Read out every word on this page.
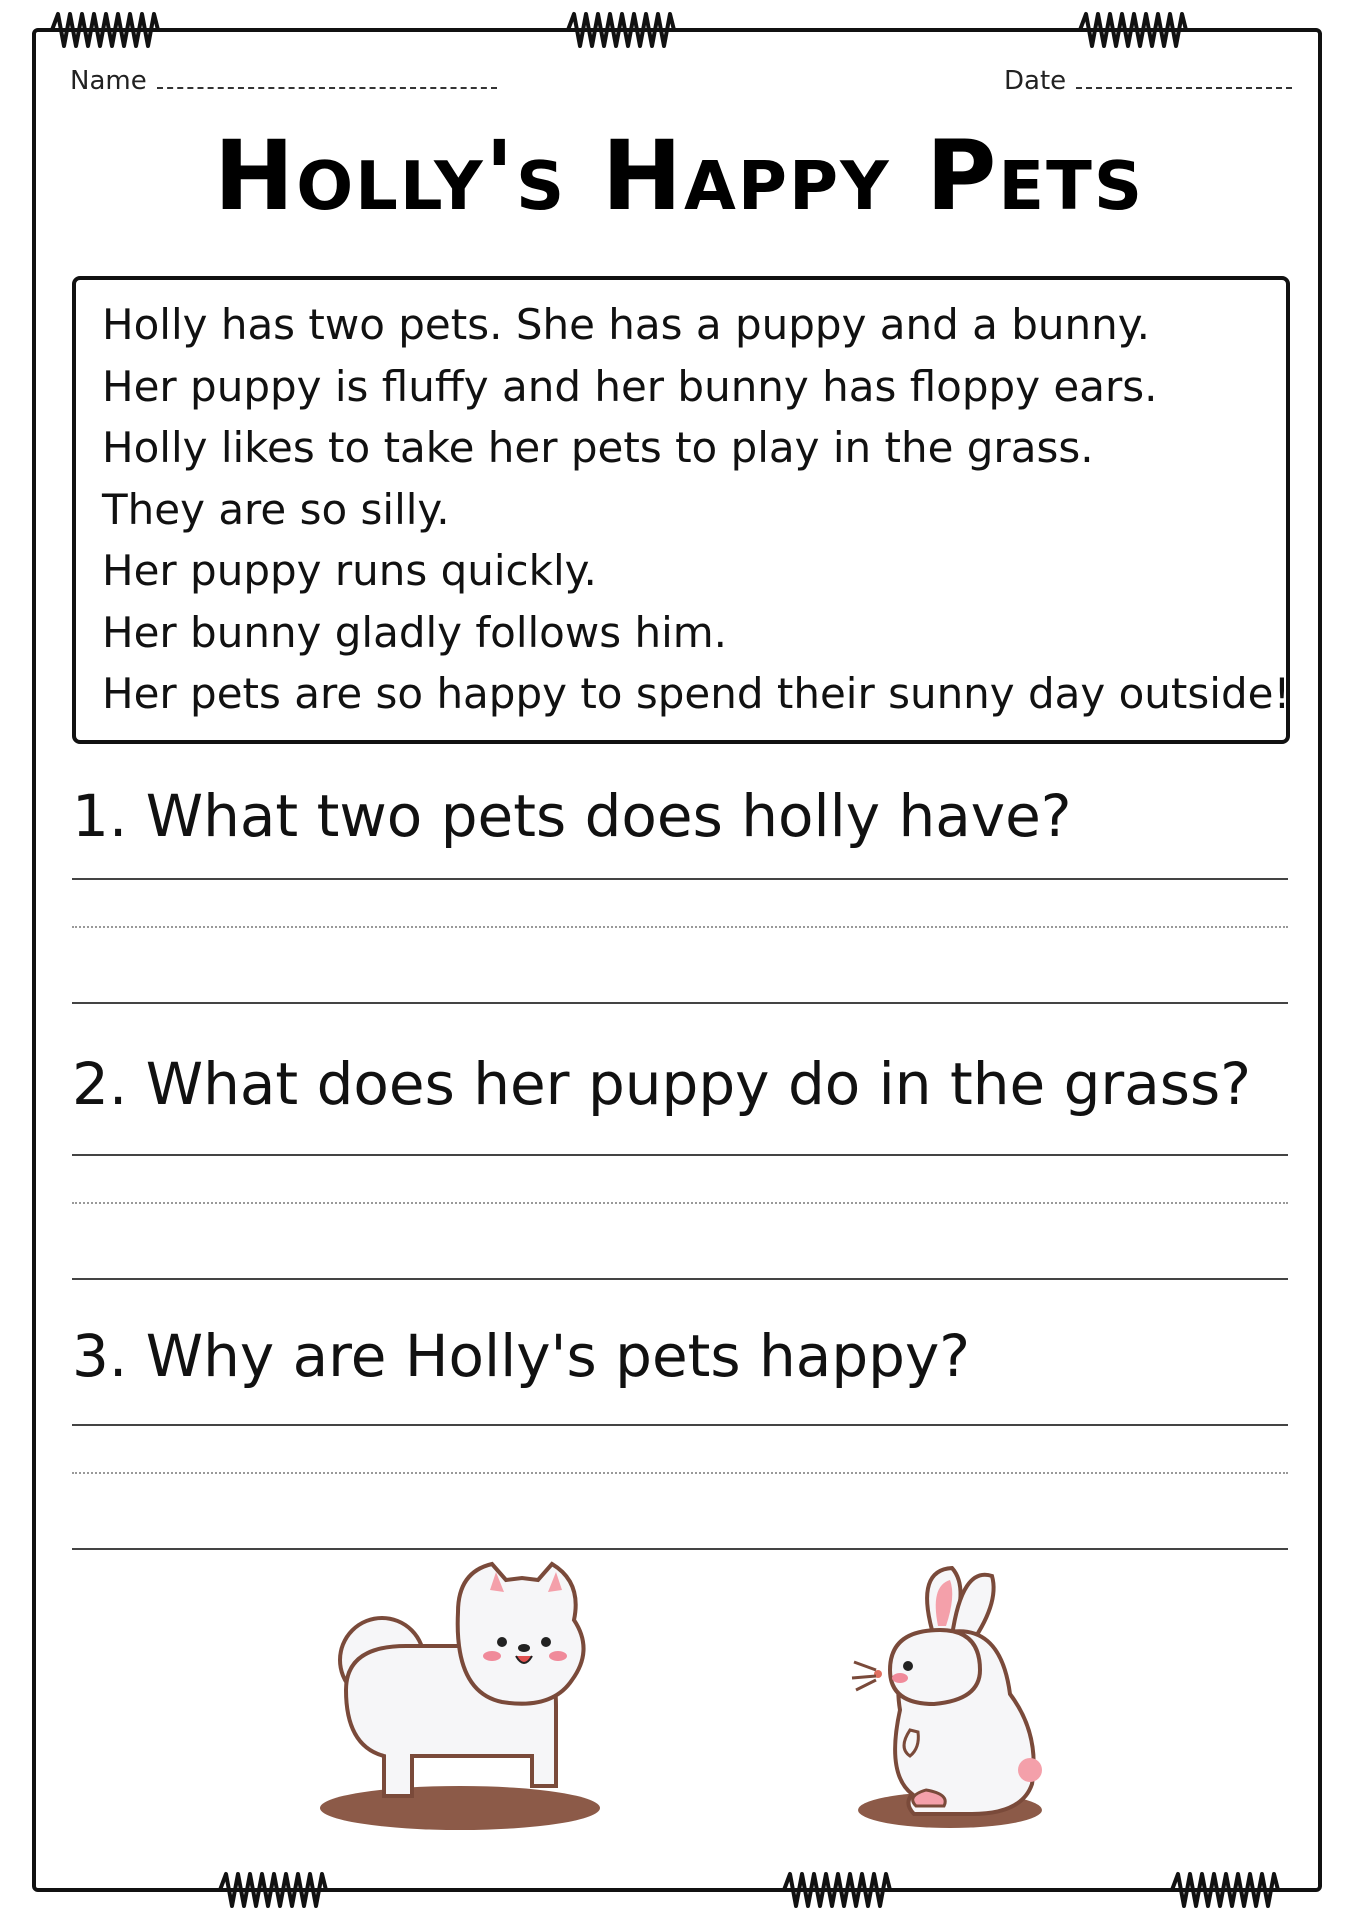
Name	Date
Holly's Happy Pets

Holly has two pets. She has a puppy and a bunny.

Her puppy is fluffy and her bunny has floppy ears.

Holly likes to take her pets to play in the grass.

They are so silly.

Her puppy runs quickly.

Her bunny gladly follows him.

Her pets are so happy to spend their sunny day outside!

1. What two pets does holly have?
2. What does her puppy do in the grass?
3. Why are Holly's pets happy?
